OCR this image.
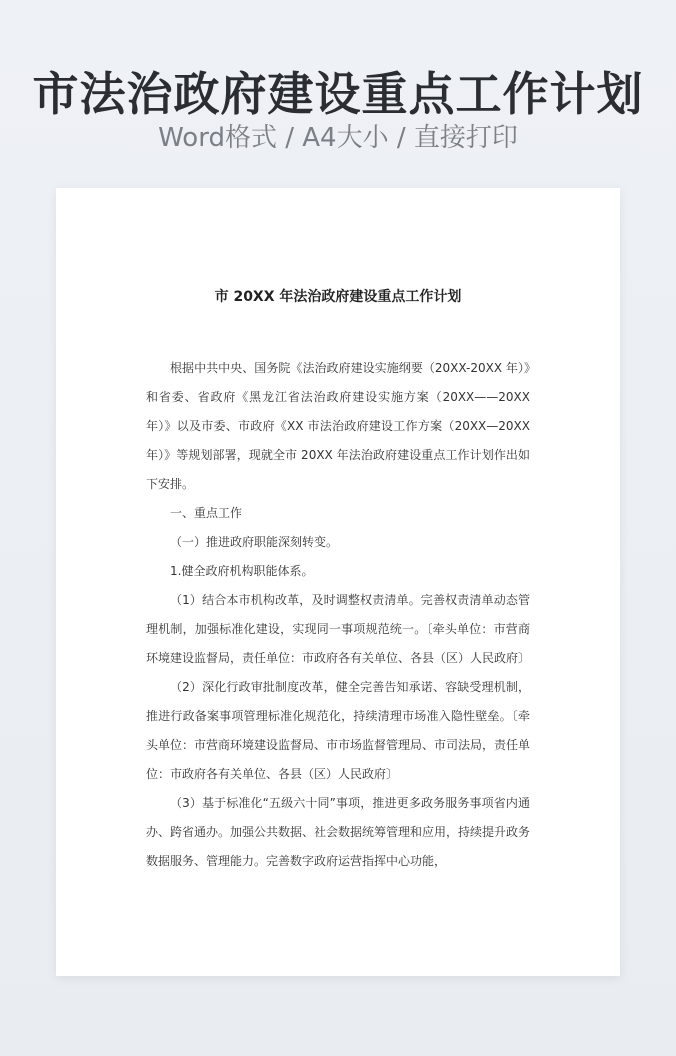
市法治政府建设重点工作计划
Word格式 / A4大小 / 直接打印
市 20XX 年法治政府建设重点工作计划

根据中共中央、国务院《法治政府建设实施纲要（20XX-20XX 年）》和省委、省政府《黑龙江省法治政府建设实施方案（20XX——20XX 年）》以及市委、市政府《XX 市法治政府建设工作方案（20XX—20XX 年）》等规划部署，现就全市 20XX 年法治政府建设重点工作计划作出如下安排。

一、重点工作

（一）推进政府职能深刻转变。

1.健全政府机构职能体系。

（1）结合本市机构改革，及时调整权责清单。完善权责清单动态管理机制，加强标准化建设，实现同一事项规范统一。〔牵头单位：市营商环境建设监督局，责任单位：市政府各有关单位、各县（区）人民政府〕

（2）深化行政审批制度改革，健全完善告知承诺、容缺受理机制，推进行政备案事项管理标准化规范化，持续清理市场准入隐性壁垒。〔牵头单位：市营商环境建设监督局、市市场监督管理局、市司法局，责任单位：市政府各有关单位、各县（区）人民政府〕

（3）基于标准化“五级六十同”事项，推进更多政务服务事项省内通办、跨省通办。加强公共数据、社会数据统筹管理和应用，持续提升政务数据服务、管理能力。完善数字政府运营指挥中心功能，
